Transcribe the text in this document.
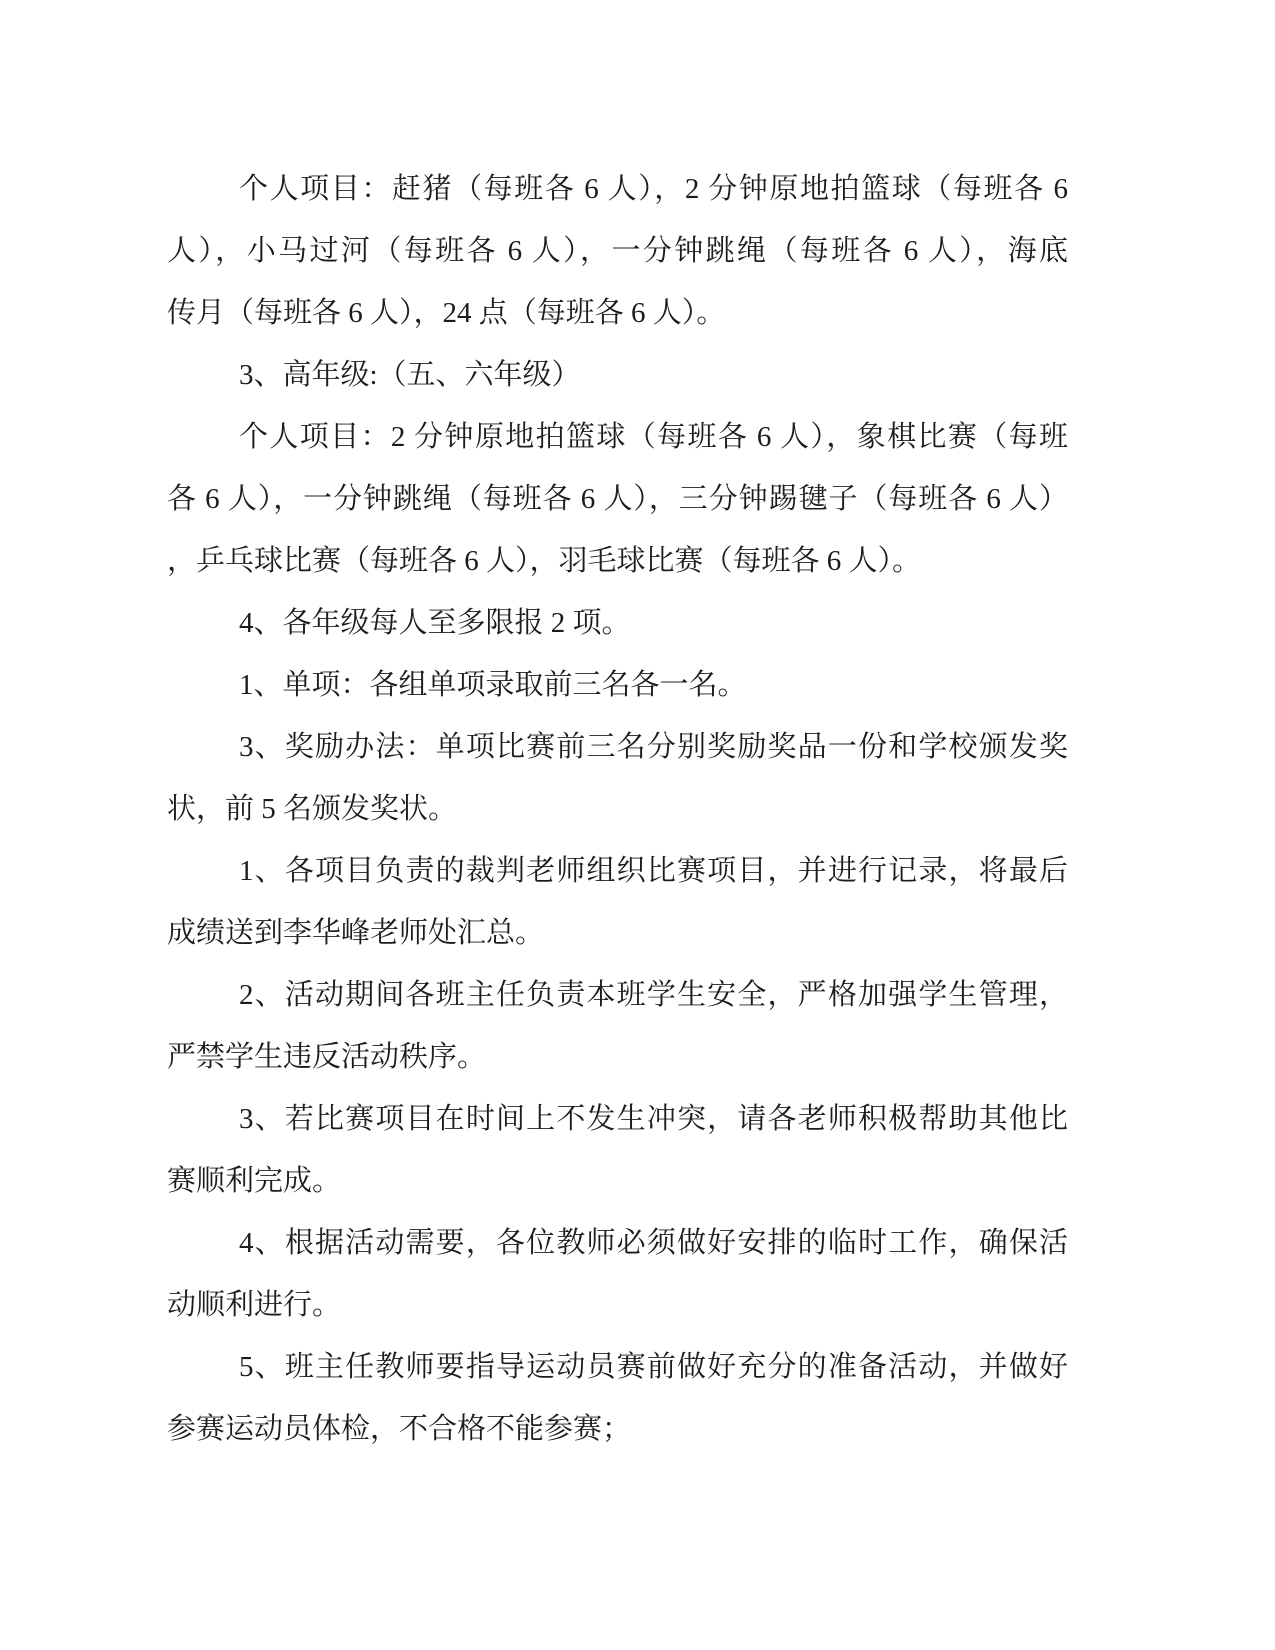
个人项目：赶猪（每班各 6 人），2 分钟原地拍篮球（每班各 6
人），小马过河（每班各 6 人），一分钟跳绳（每班各 6 人），海底
传月（每班各 6 人），24 点（每班各 6 人）。
3、高年级:（五、六年级）
个人项目：2 分钟原地拍篮球（每班各 6 人），象棋比赛（每班
各 6 人），一分钟跳绳（每班各 6 人），三分钟踢毽子（每班各 6 人）
，乒乓球比赛（每班各 6 人），羽毛球比赛（每班各 6 人）。
4、各年级每人至多限报 2 项。
1、单项：各组单项录取前三名各一名。
3、奖励办法：单项比赛前三名分别奖励奖品一份和学校颁发奖
状，前 5 名颁发奖状。
1、各项目负责的裁判老师组织比赛项目，并进行记录，将最后
成绩送到李华峰老师处汇总。
2、活动期间各班主任负责本班学生安全，严格加强学生管理，
严禁学生违反活动秩序。
3、若比赛项目在时间上不发生冲突，请各老师积极帮助其他比
赛顺利完成。
4、根据活动需要，各位教师必须做好安排的临时工作，确保活
动顺利进行。
5、班主任教师要指导运动员赛前做好充分的准备活动，并做好
参赛运动员体检，不合格不能参赛；
